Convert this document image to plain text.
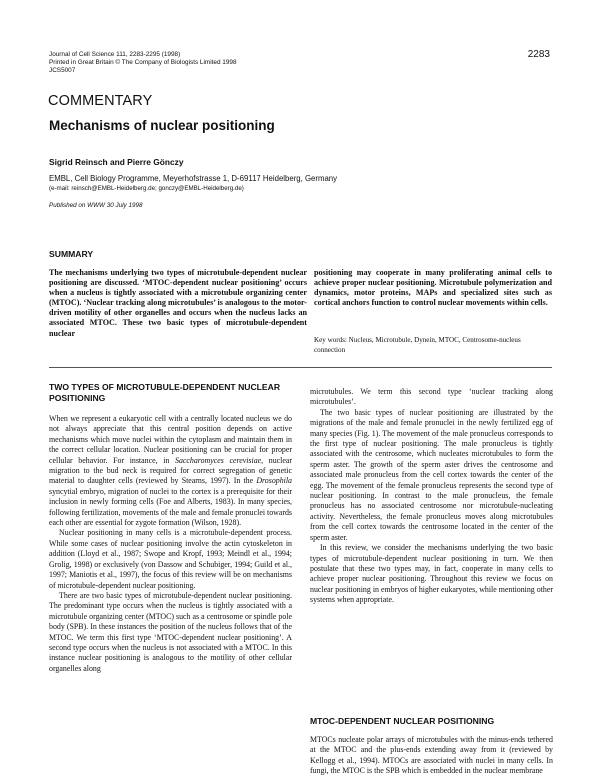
Journal of Cell Science 111, 2283-2295 (1998)
Printed in Great Britain © The Company of Biologists Limited 1998
JCS5007
2283
COMMENTARY
Mechanisms of nuclear positioning
Sigrid Reinsch and Pierre Gönczy
EMBL, Cell Biology Programme, Meyerhofstrasse 1, D-69117 Heidelberg, Germany
(e-mail: reinsch@EMBL-Heidelberg.de; gonczy@EMBL-Heidelberg.de)
Published on WWW 30 July 1998
SUMMARY
The mechanisms underlying two types of microtubule-dependent nuclear positioning are discussed. ‘MTOC-dependent nuclear positioning’ occurs when a nucleus is tightly associated with a microtubule organizing center (MTOC). ‘Nuclear tracking along microtubules’ is analogous to the motor-driven motility of other organelles and occurs when the nucleus lacks an associated MTOC. These two basic types of microtubule-dependent nuclear
positioning may cooperate in many proliferating animal cells to achieve proper nuclear positioning. Microtubule polymerization and dynamics, motor proteins, MAPs and specialized sites such as cortical anchors function to control nuclear movements within cells.
Key words: Nucleus, Microtubule, Dynein, MTOC, Centrosome-nucleus connection
TWO TYPES OF MICROTUBULE-DEPENDENT NUCLEAR POSITIONING

When we represent a eukaryotic cell with a centrally located nucleus we do not always appreciate that this central position depends on active mechanisms which move nuclei within the cytoplasm and maintain them in the correct cellular location. Nuclear positioning can be crucial for proper cellular behavior. For instance, in Saccharomyces cerevisiae, nuclear migration to the bud neck is required for correct segregation of genetic material to daughter cells (reviewed by Stearns, 1997). In the Drosophila syncytial embryo, migration of nuclei to the cortex is a prerequisite for their inclusion in newly forming cells (Foe and Alberts, 1983). In many species, following fertilization, movements of the male and female pronuclei towards each other are essential for zygote formation (Wilson, 1928).

Nuclear positioning in many cells is a microtubule-dependent process. While some cases of nuclear positioning involve the actin cytoskeleton in addition (Lloyd et al., 1987; Swope and Kropf, 1993; Meindl et al., 1994; Grolig, 1998) or exclusively (von Dassow and Schubiger, 1994; Guild et al., 1997; Maniotis et al., 1997), the focus of this review will be on mechanisms of microtubule-dependent nuclear positioning.

There are two basic types of microtubule-dependent nuclear positioning. The predominant type occurs when the nucleus is tightly associated with a microtubule organizing center (MTOC) such as a centrosome or spindle pole body (SPB). In these instances the position of the nucleus follows that of the MTOC. We term this first type ‘MTOC-dependent nuclear positioning’. A second type occurs when the nucleus is not associated with a MTOC. In this instance nuclear positioning is analogous to the motility of other cellular organelles along

microtubules. We term this second type ‘nuclear tracking along microtubules’.

The two basic types of nuclear positioning are illustrated by the migrations of the male and female pronuclei in the newly fertilized egg of many species (Fig. 1). The movement of the male pronucleus corresponds to the first type of nuclear positioning. The male pronucleus is tightly associated with the centrosome, which nucleates microtubules to form the sperm aster. The growth of the sperm aster drives the centrosome and associated male pronucleus from the cell cortex towards the center of the egg. The movement of the female pronucleus represents the second type of nuclear positioning. In contrast to the male pronucleus, the female pronucleus has no associated centrosome nor microtubule-nucleating activity. Nevertheless, the female pronucleus moves along microtubules from the cell cortex towards the centrosome located in the center of the sperm aster.

In this review, we consider the mechanisms underlying the two basic types of microtubule-dependent nuclear positioning in turn. We then postulate that these two types may, in fact, cooperate in many cells to achieve proper nuclear positioning. Throughout this review we focus on nuclear positioning in embryos of higher eukaryotes, while mentioning other systems when appropriate.

MTOC-DEPENDENT NUCLEAR POSITIONING

MTOCs nucleate polar arrays of microtubules with the minus-ends tethered at the MTOC and the plus-ends extending away from it (reviewed by Kellogg et al., 1994). MTOCs are associated with nuclei in many cells. In fungi, the MTOC is the SPB which is embedded in the nuclear membrane
